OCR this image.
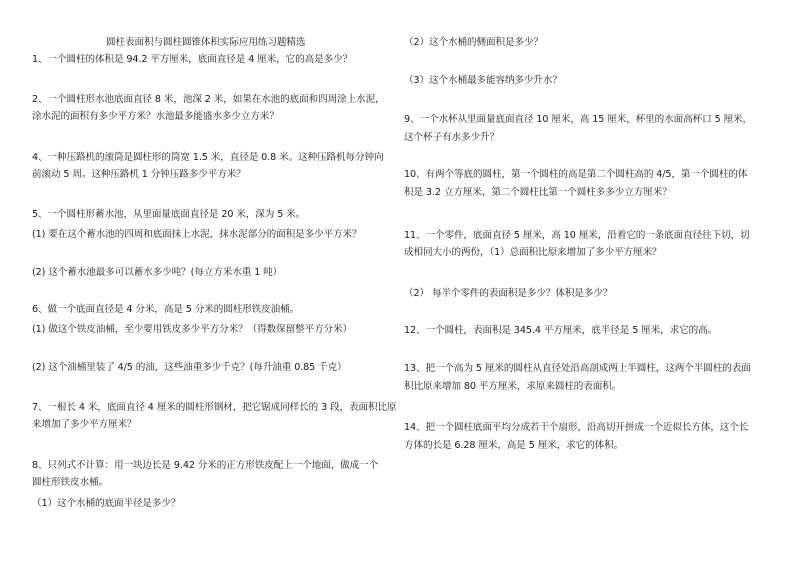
圆柱表面积与圆柱圆锥体积实际应用练习题精选
1、一个圆柱的体积是 94.2 平方厘米，底面直径是 4 厘米，它的高是多少？
2、一个圆柱形水池底面直径 8 米，池深 2 米，如果在水池的底面和四周涂上水泥，
涂水泥的面积有多少平方米？水池最多能盛水多少立方米？
4、一种压路机的滚筒是圆柱形的筒宽 1.5 米，直径是 0.8 米。这种压路机每分钟向
前滚动 5 周。这种压路机 1 分钟压路多少平方米？
5、一个圆柱形蓄水池，从里面量底面直径是 20 米，深为 5 米。
(1) 要在这个蓄水池的四周和底面抹上水泥，抹水泥部分的面积是多少平方米？
(2) 这个蓄水池最多可以蓄水多少吨？(每立方米水重 1 吨）
6、做一个底面直径是 4 分米，高是 5 分米的圆柱形铁皮油桶。
(1) 做这个铁皮油桶，至少要用铁皮多少平方分米？（得数保留整平方分米）
(2) 这个油桶里装了 4/5 的油，这些油重多少千克？(每升油重 0.85 千克）
7、一根长 4 米，底面直径 4 厘米的圆柱形钢材，把它锯成同样长的 3 段，表面积比原
来增加了多少平方厘米？
8、只列式不计算：用一块边长是 9.42 分米的正方形铁皮配上一个地面，做成一个
圆柱形铁皮水桶。
（1）这个水桶的底面半径是多少？
（2）这个水桶的侧面积是多少？
（3）这个水桶最多能容纳多少升水？
9、一个水杯从里面量底面直径 10 厘米，高 15 厘米，杯里的水面高杯口 5 厘米，
这个杯子有水多少升？
10、有两个等底的圆柱，第一个圆柱的高是第二个圆柱高的 4/5，第一个圆柱的体
积是 3.2 立方厘米，第二个圆柱比第一个圆柱多多少立方厘米？
11、一个零件，底面直径 5 厘米，高 10 厘米，沿着它的一条底面直径往下切，切
成相同大小的两份，（1）总面积比原来增加了多少平方厘米？
（2） 每半个零件的表面积是多少？体积是多少？
12、一个圆柱，表面积是 345.4 平方厘米，底半径是 5 厘米，求它的高。
13、把一个高为 5 厘米的圆柱从直径处沿高剖成两上半圆柱，这两个半圆柱的表面
积比原来增加 80 平方厘米，求原来圆柱的表面积。
14、把一个圆柱底面平均分成若干个扇形，沿高切开拼成一个近似长方体，这个长
方体的长是 6.28 厘米，高是 5 厘米，求它的体积。
